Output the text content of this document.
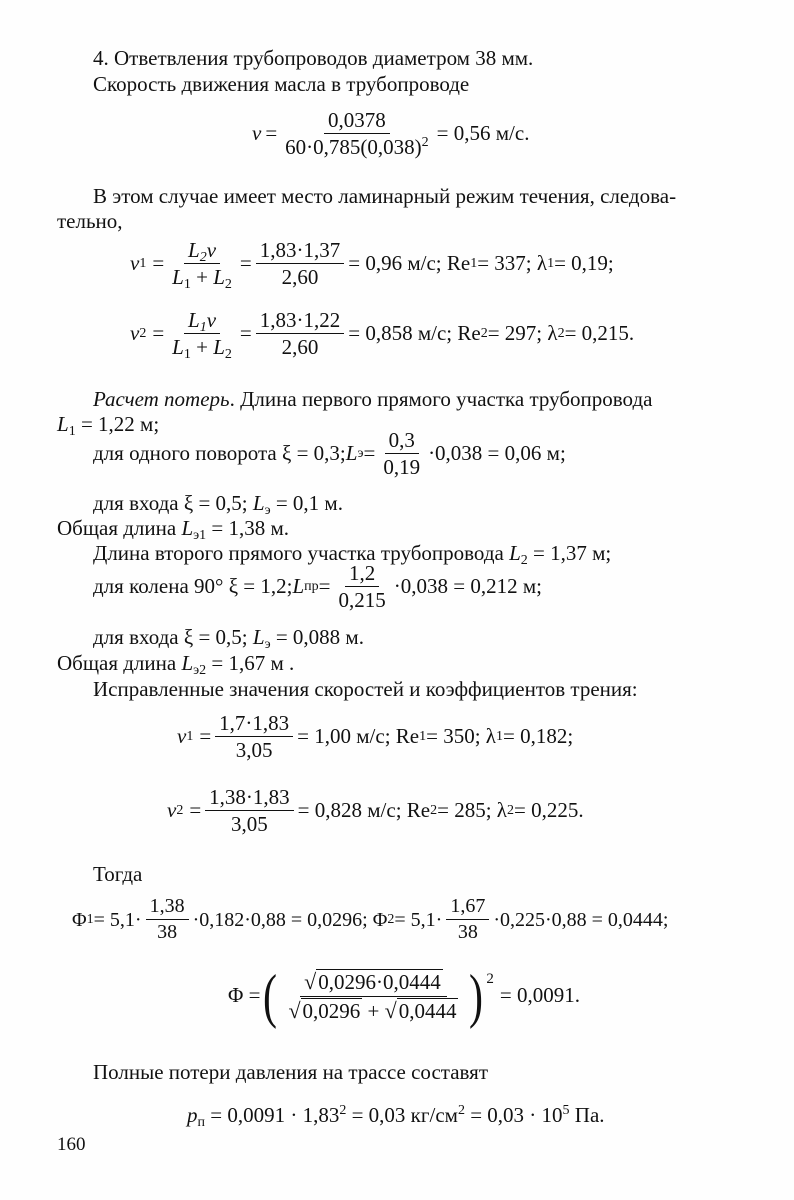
4. Ответвления трубопроводов диаметром 38 мм.
Скорость движения масла в трубопроводе
$v = \frac{0,0378}{60\cdot 0,785(0,038)^2} = 0,56$ м/с.
В этом случае имеет место ламинарный режим течения, следова-
тельно,
v $1 = \frac{L_2v}{L_1 + L_2} = \frac{1,83\cdot 1,37}{2,60} = 0,96$ м/с; Re 1 = 337; λ 1 = 0,19;
v $2 = \frac{L_1v}{L_1 + L_2} = \frac{1,83\cdot 1,22}{2,60} = 0,858$ м/с; Re 2 = 297; λ 2 = 0,215.
Расчет потерь. Длина первого прямого участка трубопровода
$L_1 = 1,22$ м;
для одного поворота ξ = 0,3; L $э = \frac{0,3}{0,19} \cdot 0,038 = 0,06$ м;
для входа ξ = 0,5; $L_э = 0,1$ м.
Общая длина $L_{э1} = 1,38$ м.
Длина второго прямого участка трубопровода $L_2 = 1,37$ м;
для колена 90° ξ = 1,2; L пр = $\frac{1,2}{0,215} \cdot 0,038 = 0,212$ м;
для входа ξ = 0,5; $L_э = 0,088$ м.
Общая длина $L_{э2} = 1,67$ м .
Исправленные значения скоростей и коэффициентов трения:
v $1 = \frac{1,7\cdot 1,83}{3,05} = 1,00$ м/с; Re 1 = 350; λ 1 = 0,182;
v $2 = \frac{1,38\cdot 1,83}{3,05} = 0,828$ м/с; Re 2 = 285; λ 2 = 0,225.
Тогда
Φ $1 = 5,1\cdot \frac{1,38}{38} \cdot 0,182\cdot 0,88 = 0,0296$; Φ $2 = 5,1\cdot \frac{1,67}{38} \cdot 0,225\cdot 0,88 = 0,0444$;
Φ = ( $\frac{√ 0,0296\cdot 0,0444}{√ 0,0296 + √ 0,0444}$ ) 2
= 0,0091.
Полные потери давления на трассе составят
$p_п = 0,0091 \cdot 1,83^2 = 0,03$ $кг/см^2 = 0,03 \cdot 10^5$ Па.
160
